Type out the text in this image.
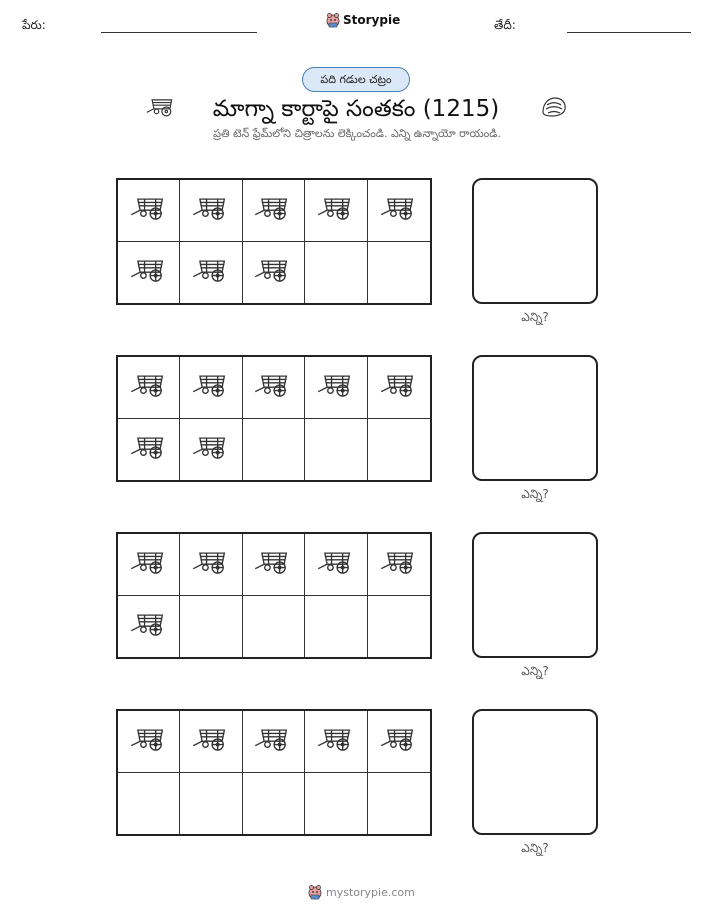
పేరు:	Storypie	తేదీ:
పది గడుల చట్రం
మాగ్నా కార్టాపై సంతకం (1215)
ప్రతి టెన్ ఫ్రేమ్‌లోని చిత్రాలను లెక్కించండి. ఎన్ని ఉన్నాయో రాయండి.
ఎన్ని?
ఎన్ని?
ఎన్ని?
ఎన్ని?
mystorypie.com
